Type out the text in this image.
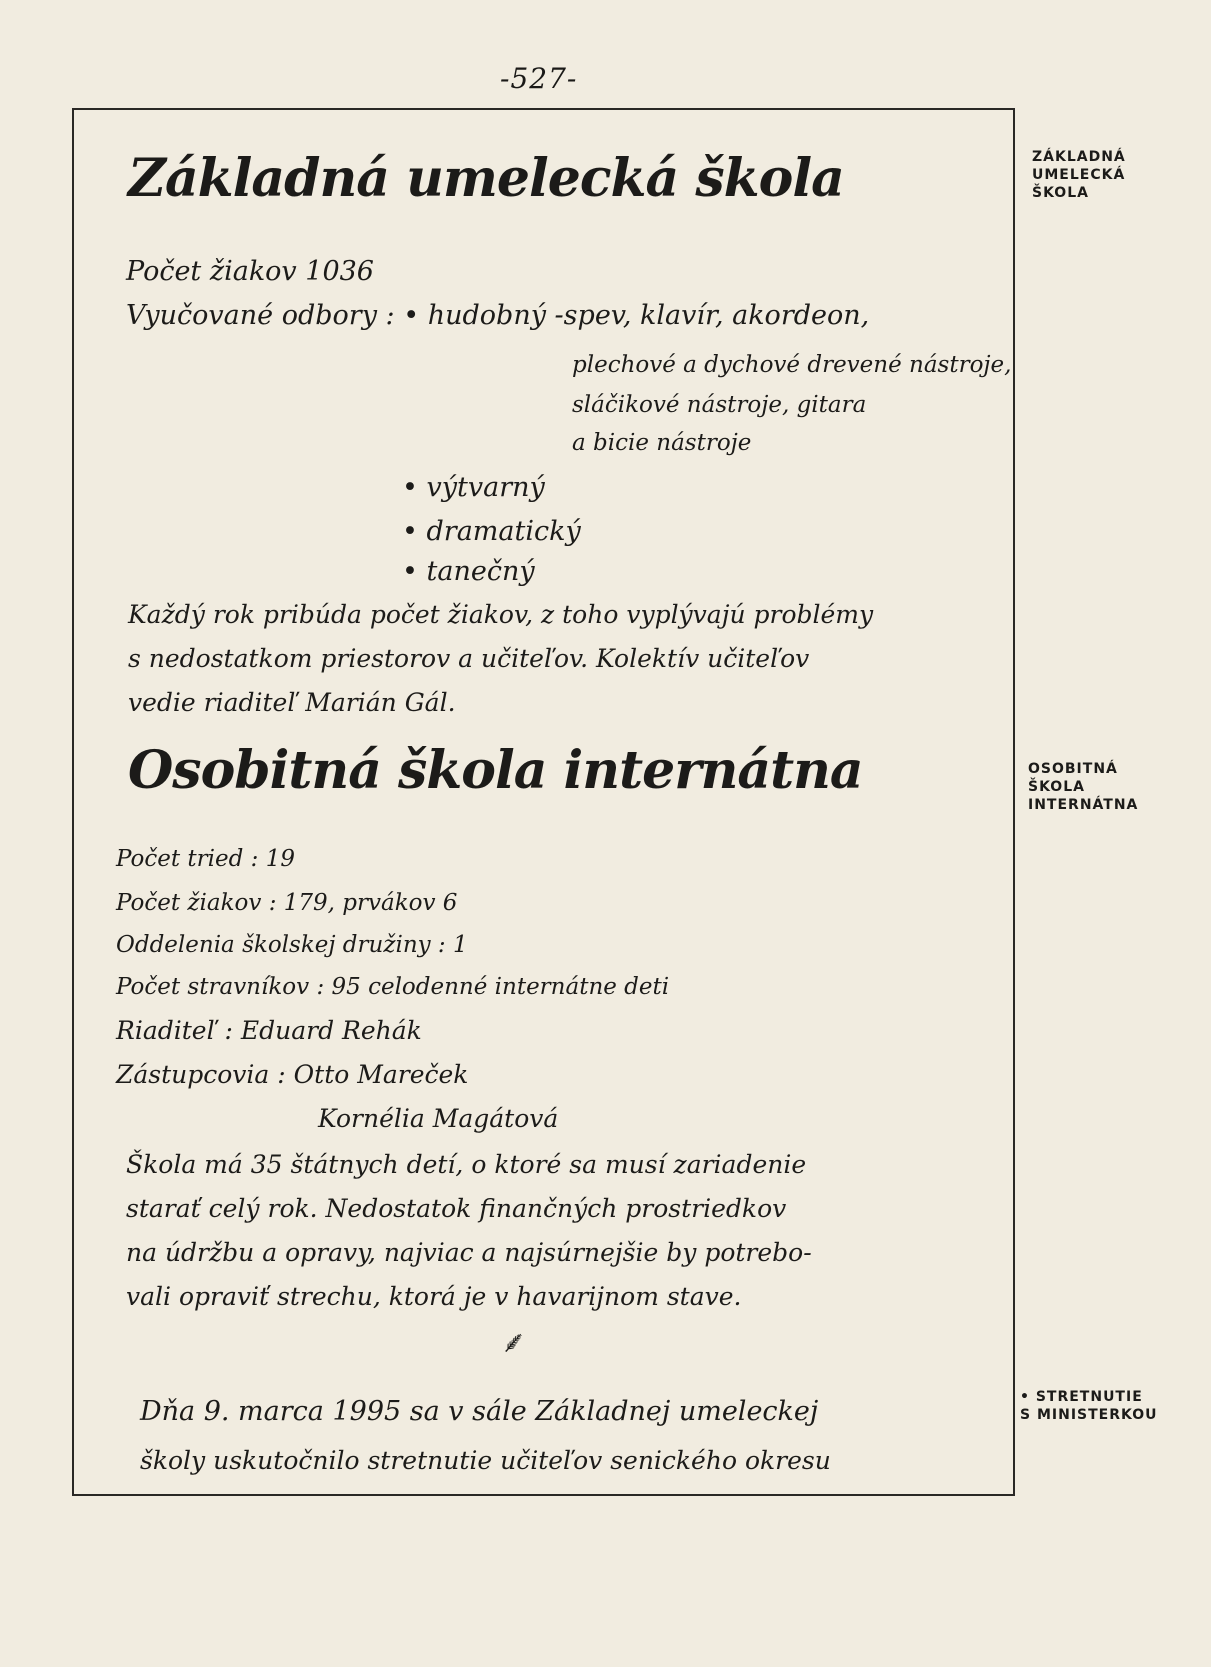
-527-
Základná umelecká škola
Počet žiakov 1036
Vyučované odbory : • hudobný -spev, klavír, akordeon,
plechové a dychové drevené nástroje,
sláčikové nástroje, gitara
a bicie nástroje
• výtvarný
• dramatický
• tanečný
Každý rok pribúda počet žiakov, z toho vyplývajú problémy
s nedostatkom priestorov a učiteľov. Kolektív učiteľov
vedie riaditeľ Marián Gál.
Osobitná škola internátna
Počet tried : 19
Počet žiakov : 179, prvákov 6
Oddelenia školskej družiny : 1
Počet stravníkov : 95 celodenné internátne deti
Riaditeľ : Eduard Rehák
Zástupcovia : Otto Mareček
Kornélia Magátová
Škola má 35 štátnych detí, o ktoré sa musí zariadenie
starať celý rok. Nedostatok finančných prostriedkov
na údržbu a opravy, najviac a najsúrnejšie by potrebo-
vali opraviť strechu, ktorá je v havarijnom stave.
⸙
Dňa 9. marca 1995 sa v sále Základnej umeleckej
školy uskutočnilo stretnutie učiteľov senického okresu
ZÁKLADNÁ
UMELECKÁ
ŠKOLA
OSOBITNÁ
ŠKOLA
INTERNÁTNA
• STRETNUTIE
S MINISTERKOU
